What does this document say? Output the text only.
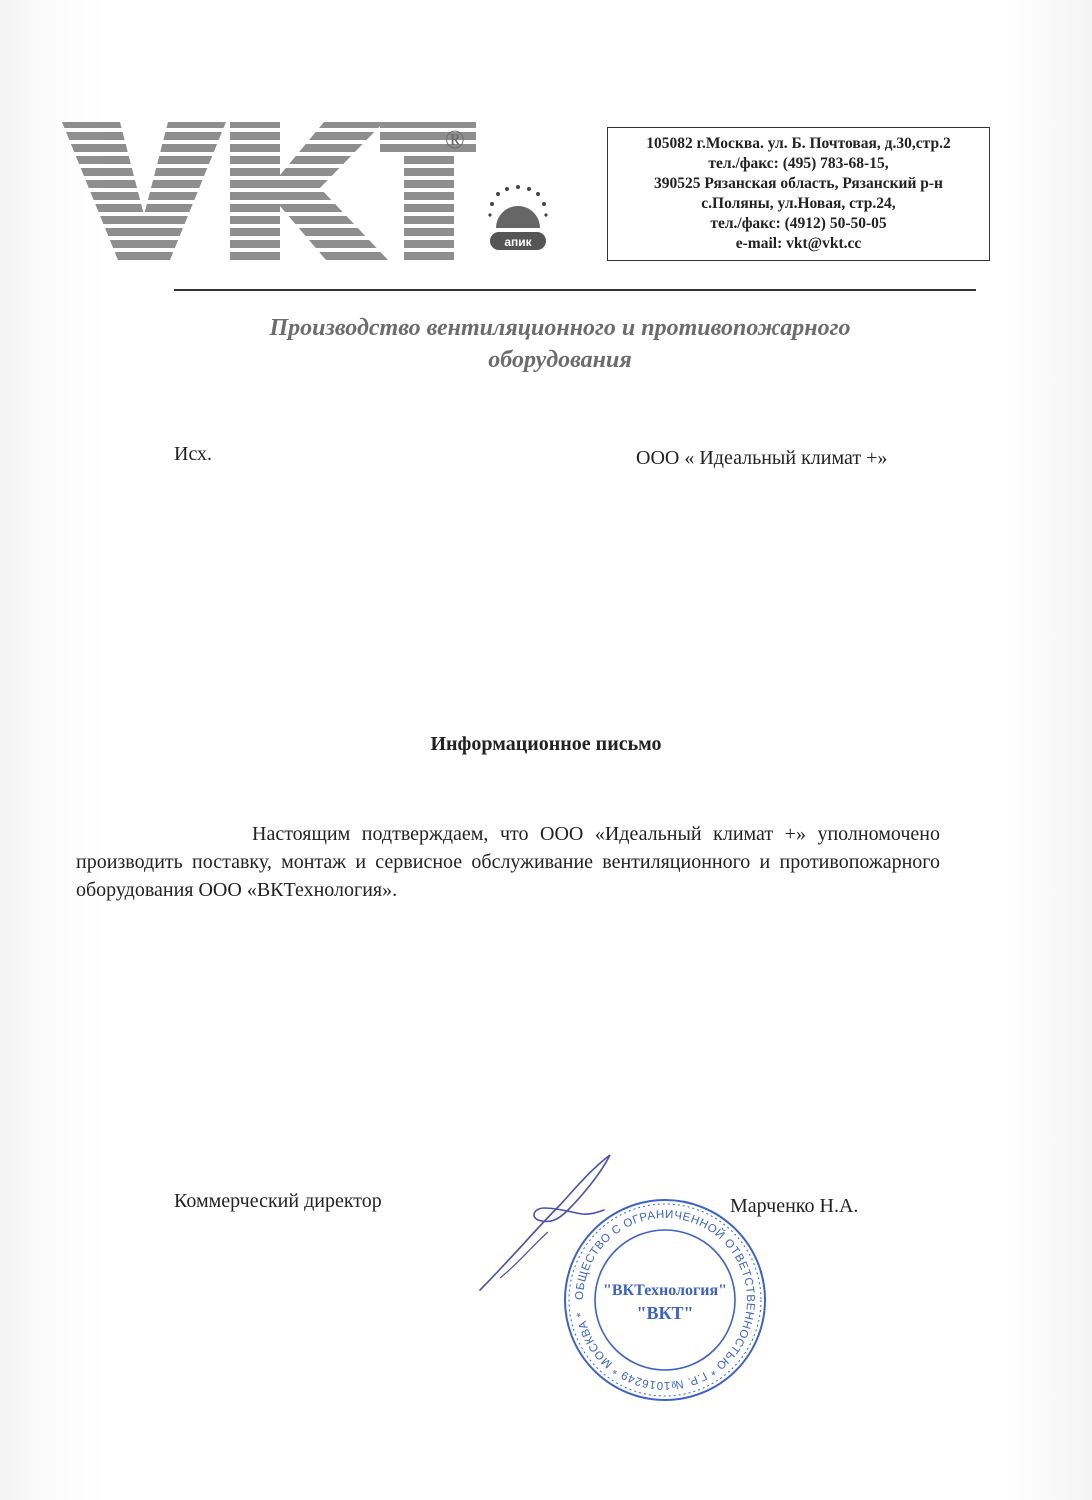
®
апик
105082 г.Москва. ул. Б. Почтовая, д.30,стр.2
тел./факс: (495) 783-68-15,
390525 Рязанская область, Рязанский р-н
с.Поляны, ул.Новая, стр.24,
тел./факс: (4912) 50-50-05
e-mail: vkt@vkt.cc
Производство вентиляционного и противопожарного
оборудования
Исх.	ООО « Идеальный климат +»
Информационное письмо
Настоящим подтверждаем, что ООО «Идеальный климат +» уполномочено производить поставку, монтаж и сервисное обслуживание вентиляционного и противопожарного оборудования ООО «ВКТехнология».
Коммерческий директор
ОБЩЕСТВО С ОГРАНИЧЕННОЙ ОТВЕТСТВЕННОСТЬЮ * Г.Р. №1016249 * МОСКВА *
"ВКТехнология"
"ВКТ"
Марченко Н.А.
